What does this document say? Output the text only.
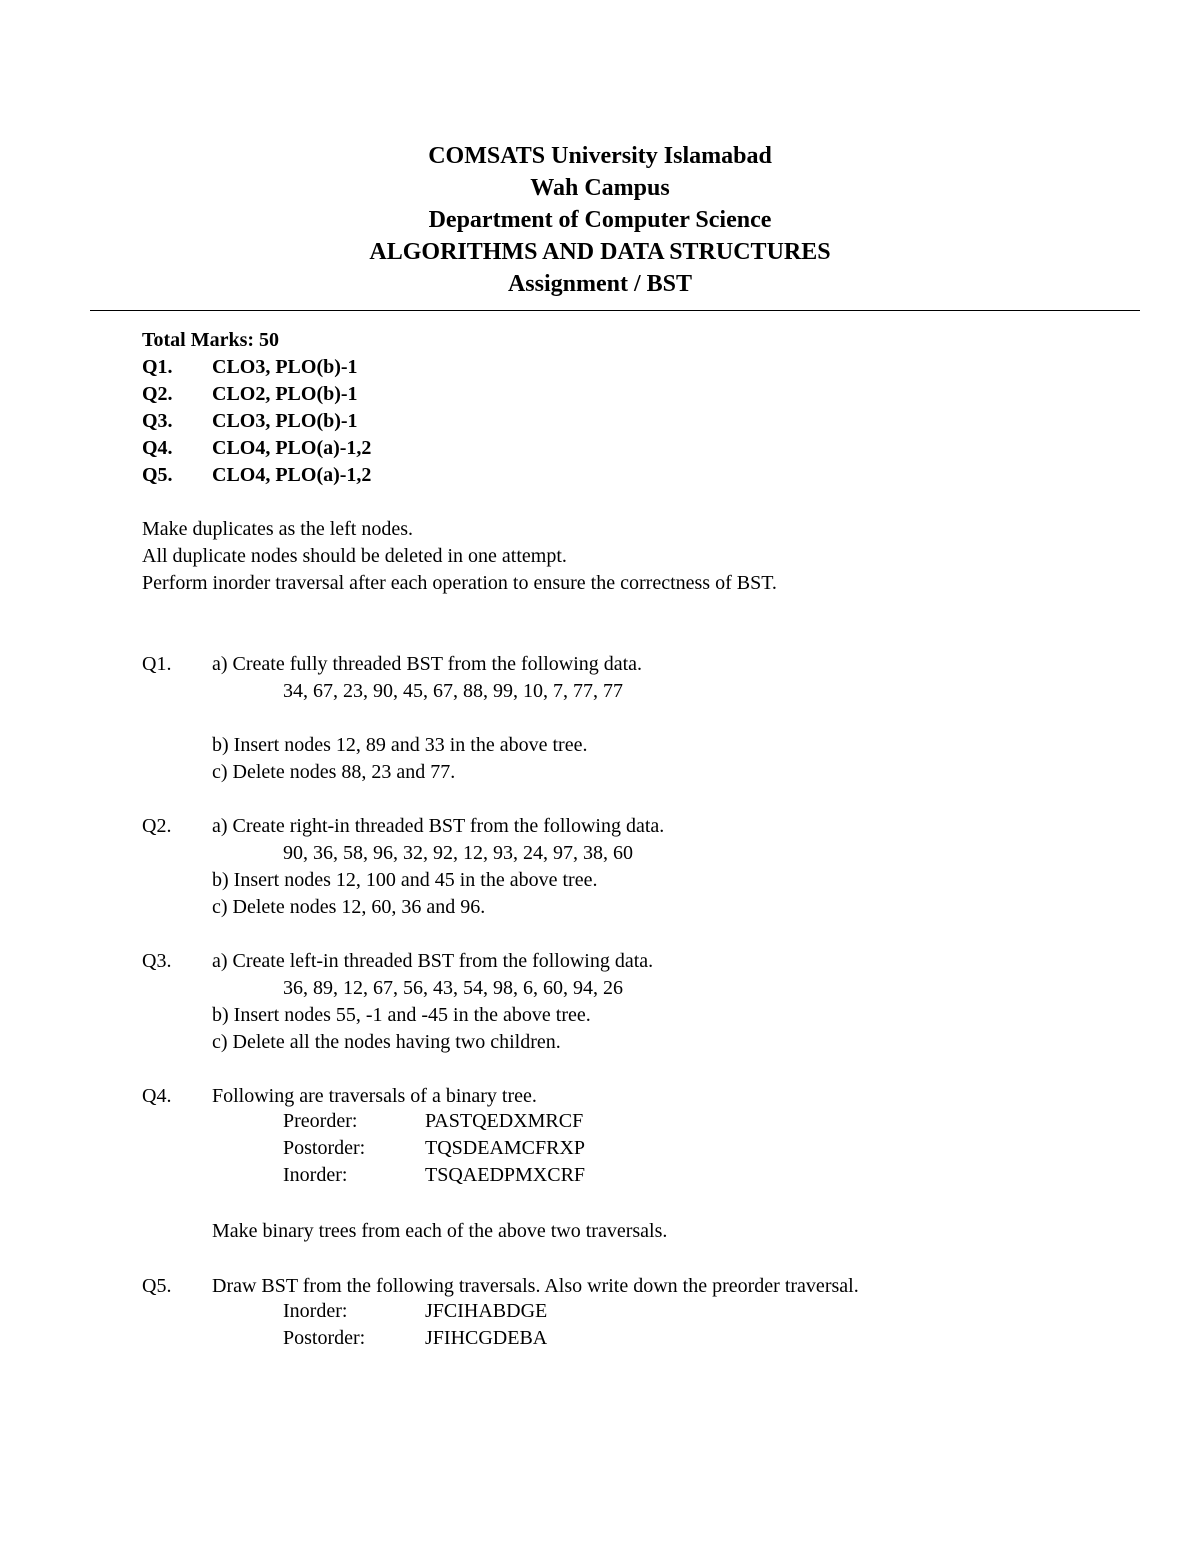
COMSATS University Islamabad
Wah Campus
Department of Computer Science
ALGORITHMS AND DATA STRUCTURES
Assignment / BST
Total Marks: 50
Q1. CLO3, PLO(b)-1
Q2. CLO2, PLO(b)-1
Q3. CLO3, PLO(b)-1
Q4. CLO4, PLO(a)-1,2
Q5. CLO4, PLO(a)-1,2
Make duplicates as the left nodes.
All duplicate nodes should be deleted in one attempt.
Perform inorder traversal after each operation to ensure the correctness of BST.
Q1. a) Create fully threaded BST from the following data.
34, 67, 23, 90, 45, 67, 88, 99, 10, 7, 77, 77
b) Insert nodes 12, 89 and 33 in the above tree.
c) Delete nodes 88, 23 and 77.
Q2. a) Create right-in threaded BST from the following data.
90, 36, 58, 96, 32, 92, 12, 93, 24, 97, 38, 60
b) Insert nodes 12, 100 and 45 in the above tree.
c) Delete nodes 12, 60, 36 and 96.
Q3. a) Create left-in threaded BST from the following data.
36, 89, 12, 67, 56, 43, 54, 98, 6, 60, 94, 26
b) Insert nodes 55, -1 and -45 in the above tree.
c) Delete all the nodes having two children.
Q4. Following are traversals of a binary tree.
Preorder:	PASTQEDXMRCF
Postorder:	TQSDEAMCFRXP
Inorder:	TSQAEDPMXCRF
Make binary trees from each of the above two traversals.
Q5. Draw BST from the following traversals. Also write down the preorder traversal.
Inorder:	JFCIHABDGE
Postorder:	JFIHCGDEBA
